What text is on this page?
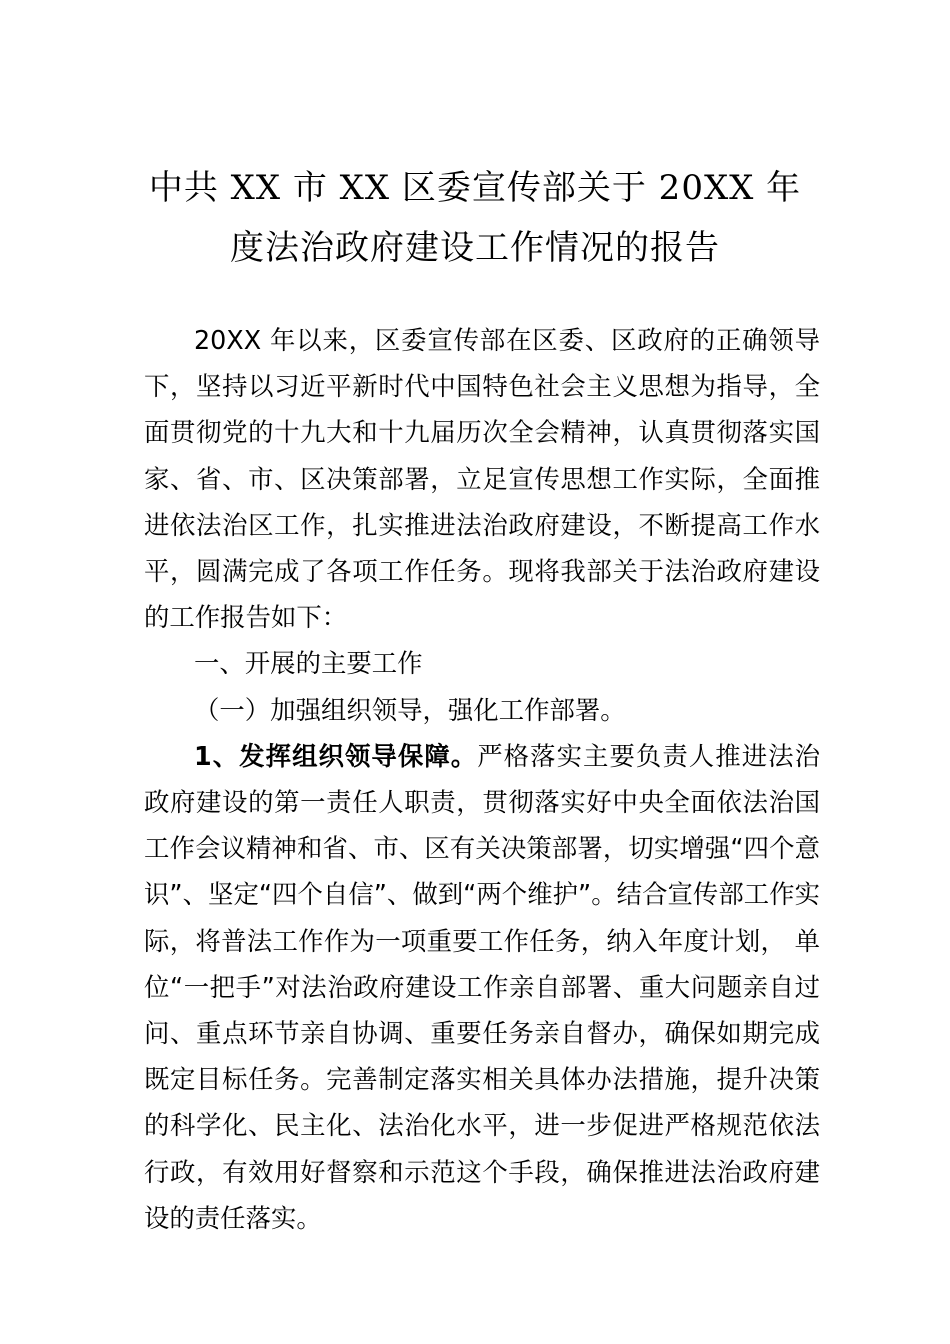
中共 XX 市 XX 区委宣传部关于 20XX 年
度法治政府建设工作情况的报告

20XX 年以来，区委宣传部在区委、区政府的正确领导下，坚持以习近平新时代中国特色社会主义思想为指导，全面贯彻党的十九大和十九届历次全会精神，认真贯彻落实国家、省、市、区决策部署，立足宣传思想工作实际，全面推进依法治区工作，扎实推进法治政府建设，不断提高工作水平，圆满完成了各项工作任务。现将我部关于法治政府建设的工作报告如下：

一、开展的主要工作

（一）加强组织领导，强化工作部署。

1、发挥组织领导保障。严格落实主要负责人推进法治政府建设的第一责任人职责，贯彻落实好中央全面依法治国工作会议精神和省、市、区有关决策部署，切实增强“四个意识”、坚定“四个自信”、做到“两个维护”。结合宣传部工作实际，将普法工作作为一项重要工作任务，纳入年度计划， 单位“一把手”对法治政府建设工作亲自部署、重大问题亲自过问、重点环节亲自协调、重要任务亲自督办，确保如期完成既定目标任务。完善制定落实相关具体办法措施，提升决策的科学化、民主化、法治化水平，进一步促进严格规范依法行政，有效用好督察和示范这个手段，确保推进法治政府建设的责任落实。
